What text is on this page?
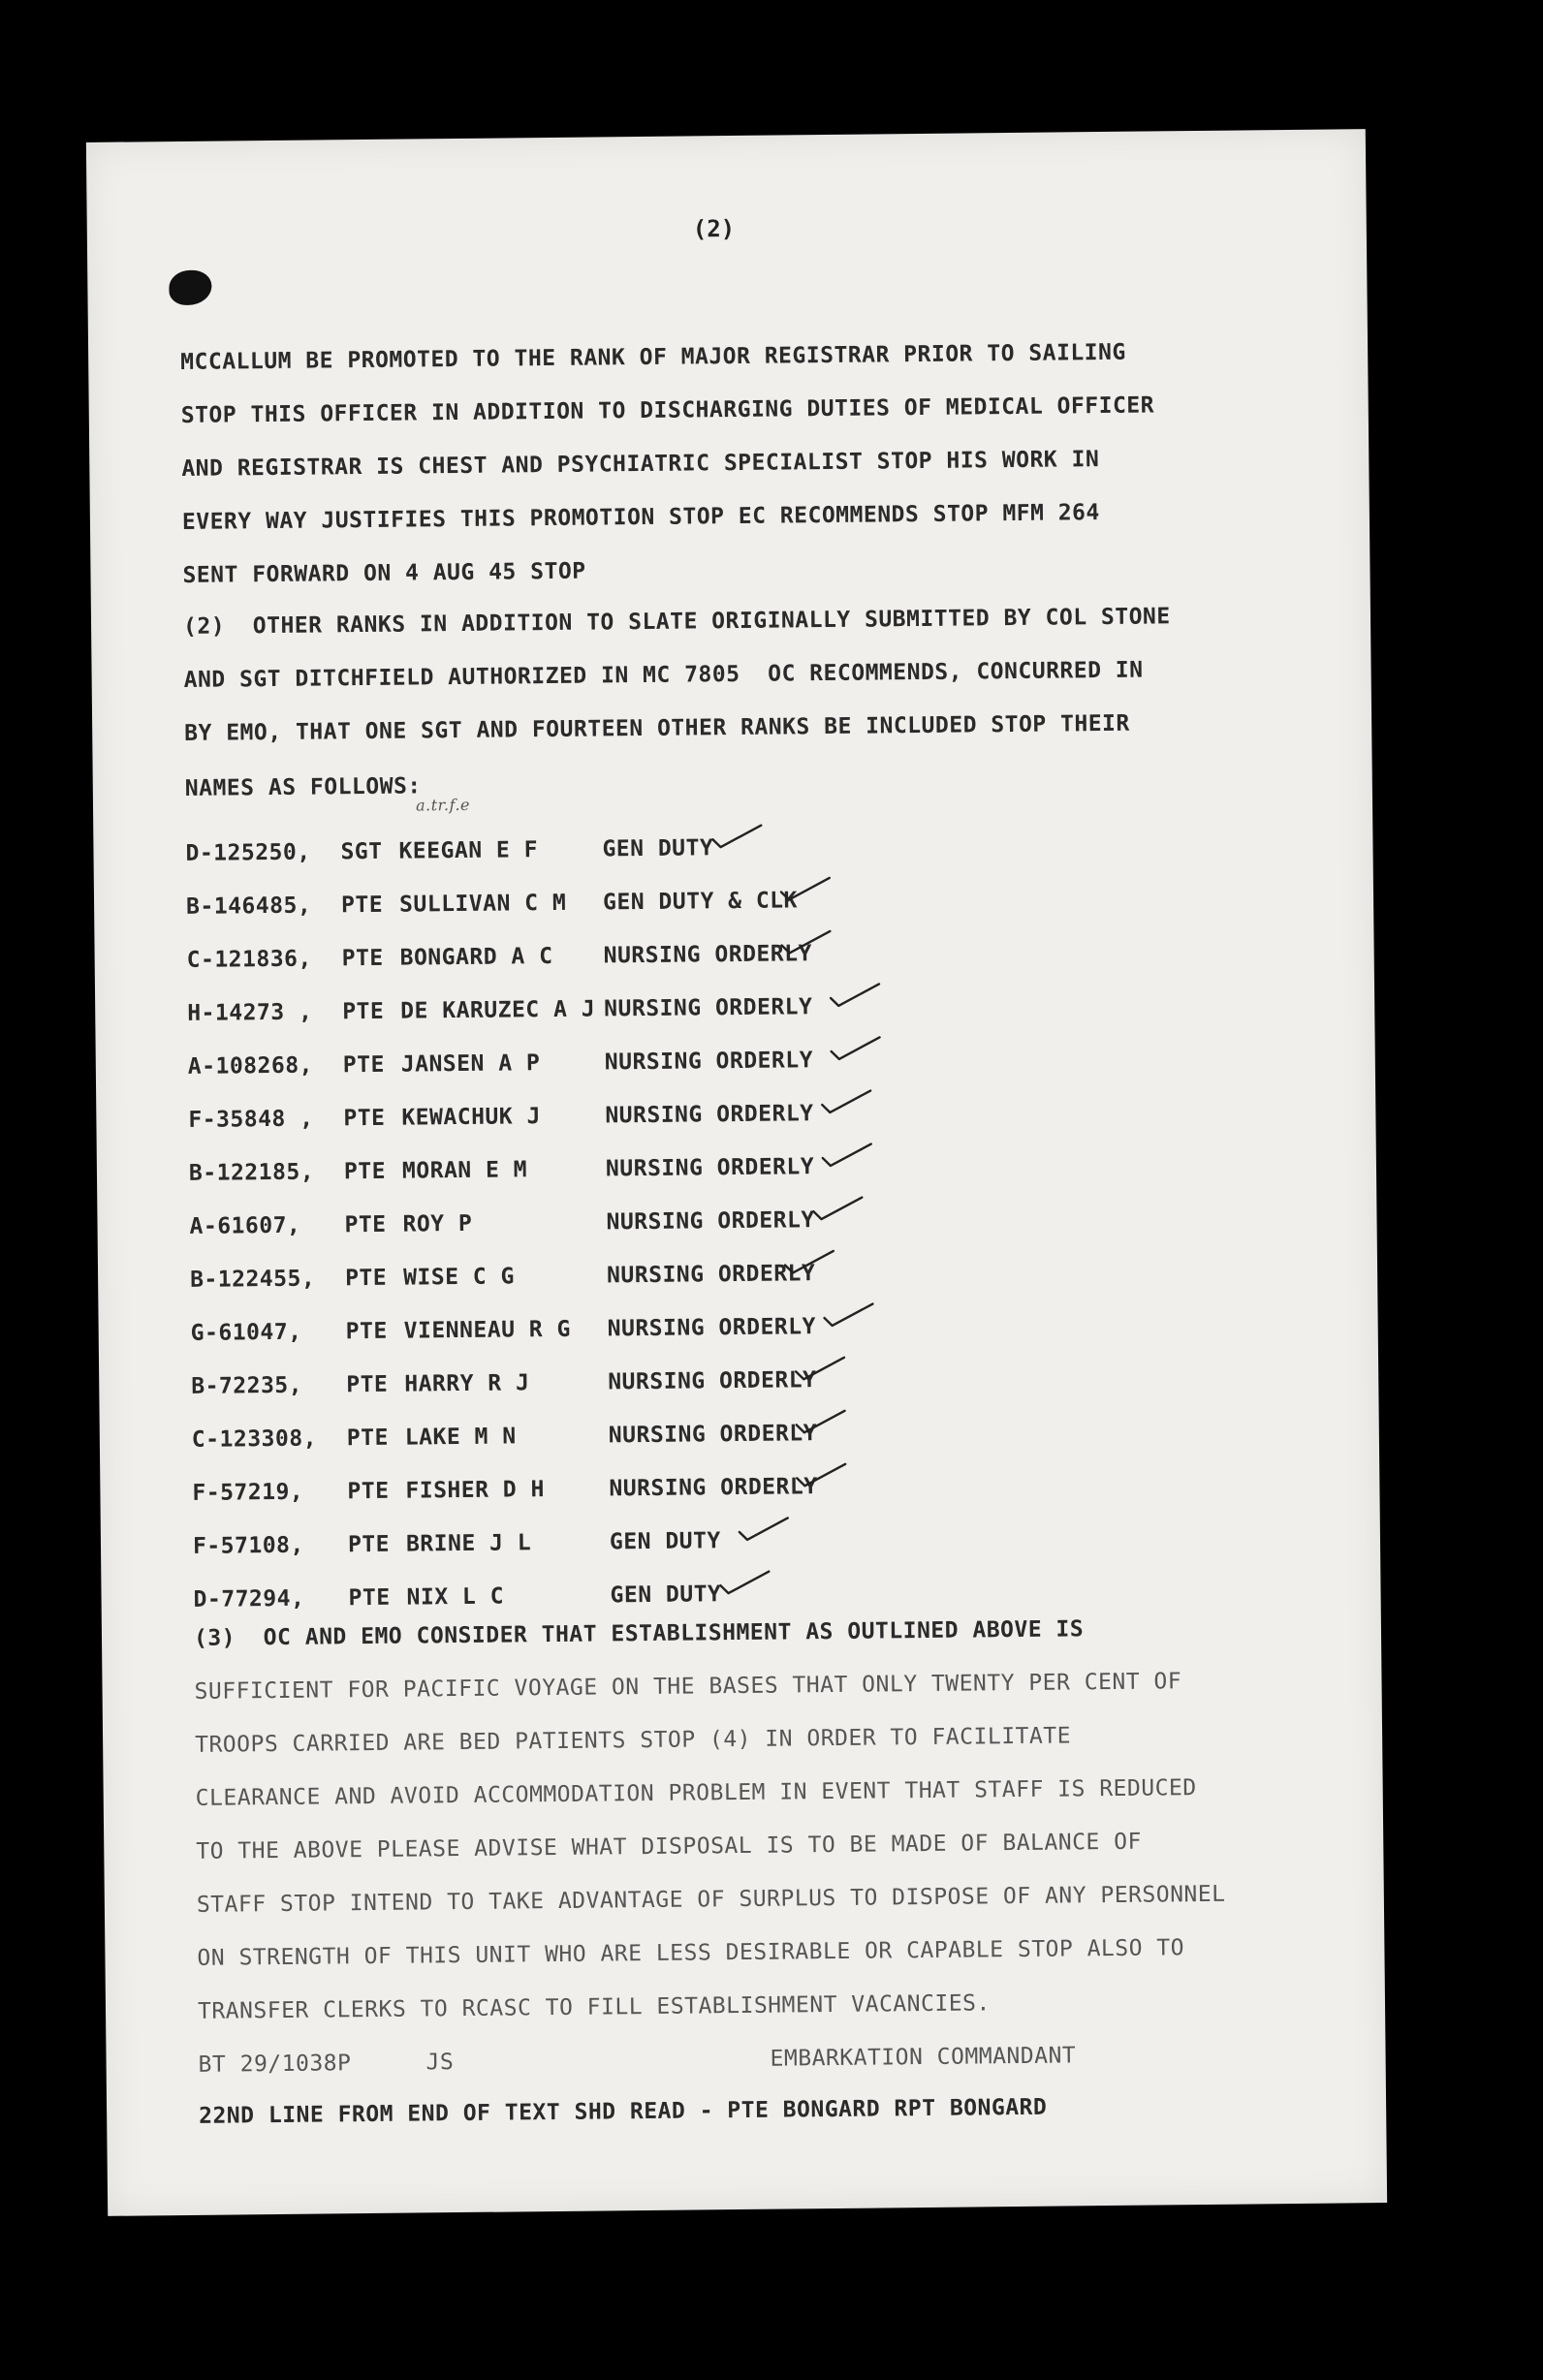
(2)
MCCALLUM BE PROMOTED TO THE RANK OF MAJOR REGISTRAR PRIOR TO SAILING
STOP THIS OFFICER IN ADDITION TO DISCHARGING DUTIES OF MEDICAL OFFICER
AND REGISTRAR IS CHEST AND PSYCHIATRIC SPECIALIST STOP HIS WORK IN
EVERY WAY JUSTIFIES THIS PROMOTION STOP EC RECOMMENDS STOP MFM 264
SENT FORWARD ON 4 AUG 45 STOP
(2)  OTHER RANKS IN ADDITION TO SLATE ORIGINALLY SUBMITTED BY COL STONE
AND SGT DITCHFIELD AUTHORIZED IN MC 7805  OC RECOMMENDS, CONCURRED IN
BY EMO, THAT ONE SGT AND FOURTEEN OTHER RANKS BE INCLUDED STOP THEIR
NAMES AS FOLLOWS:
a.tr.f.e
D-125250, SGT KEEGAN E F	GEN DUTY
B-146485, PTE SULLIVAN C M GEN DUTY & CLK
C-121836, PTE BONGARD A C NURSING ORDERLY
H-14273 , PTE DE KARUZEC A J NURSING ORDERLY
A-108268, PTE JANSEN A P	NURSING ORDERLY
F-35848 , PTE KEWACHUK J	NURSING ORDERLY
B-122185, PTE MORAN E M	NURSING ORDERLY
A-61607, PTE ROY P	NURSING ORDERLY
B-122455, PTE WISE C G	NURSING ORDERLY
G-61047, PTE VIENNEAU R G NURSING ORDERLY
B-72235, PTE HARRY R J	NURSING ORDERLY
C-123308, PTE LAKE M N	NURSING ORDERLY
F-57219, PTE FISHER D H	NURSING ORDERLY
F-57108, PTE BRINE J L	GEN DUTY
D-77294, PTE NIX L C	GEN DUTY
(3)  OC AND EMO CONSIDER THAT ESTABLISHMENT AS OUTLINED ABOVE IS
SUFFICIENT FOR PACIFIC VOYAGE ON THE BASES THAT ONLY TWENTY PER CENT OF
TROOPS CARRIED ARE BED PATIENTS STOP (4) IN ORDER TO FACILITATE
CLEARANCE AND AVOID ACCOMMODATION PROBLEM IN EVENT THAT STAFF IS REDUCED
TO THE ABOVE PLEASE ADVISE WHAT DISPOSAL IS TO BE MADE OF BALANCE OF
STAFF STOP INTEND TO TAKE ADVANTAGE OF SURPLUS TO DISPOSE OF ANY PERSONNEL
ON STRENGTH OF THIS UNIT WHO ARE LESS DESIRABLE OR CAPABLE STOP ALSO TO
TRANSFER CLERKS TO RCASC TO FILL ESTABLISHMENT VACANCIES.
BT 29/1038P	JS	EMBARKATION COMMANDANT
22ND LINE FROM END OF TEXT SHD READ - PTE BONGARD RPT BONGARD
